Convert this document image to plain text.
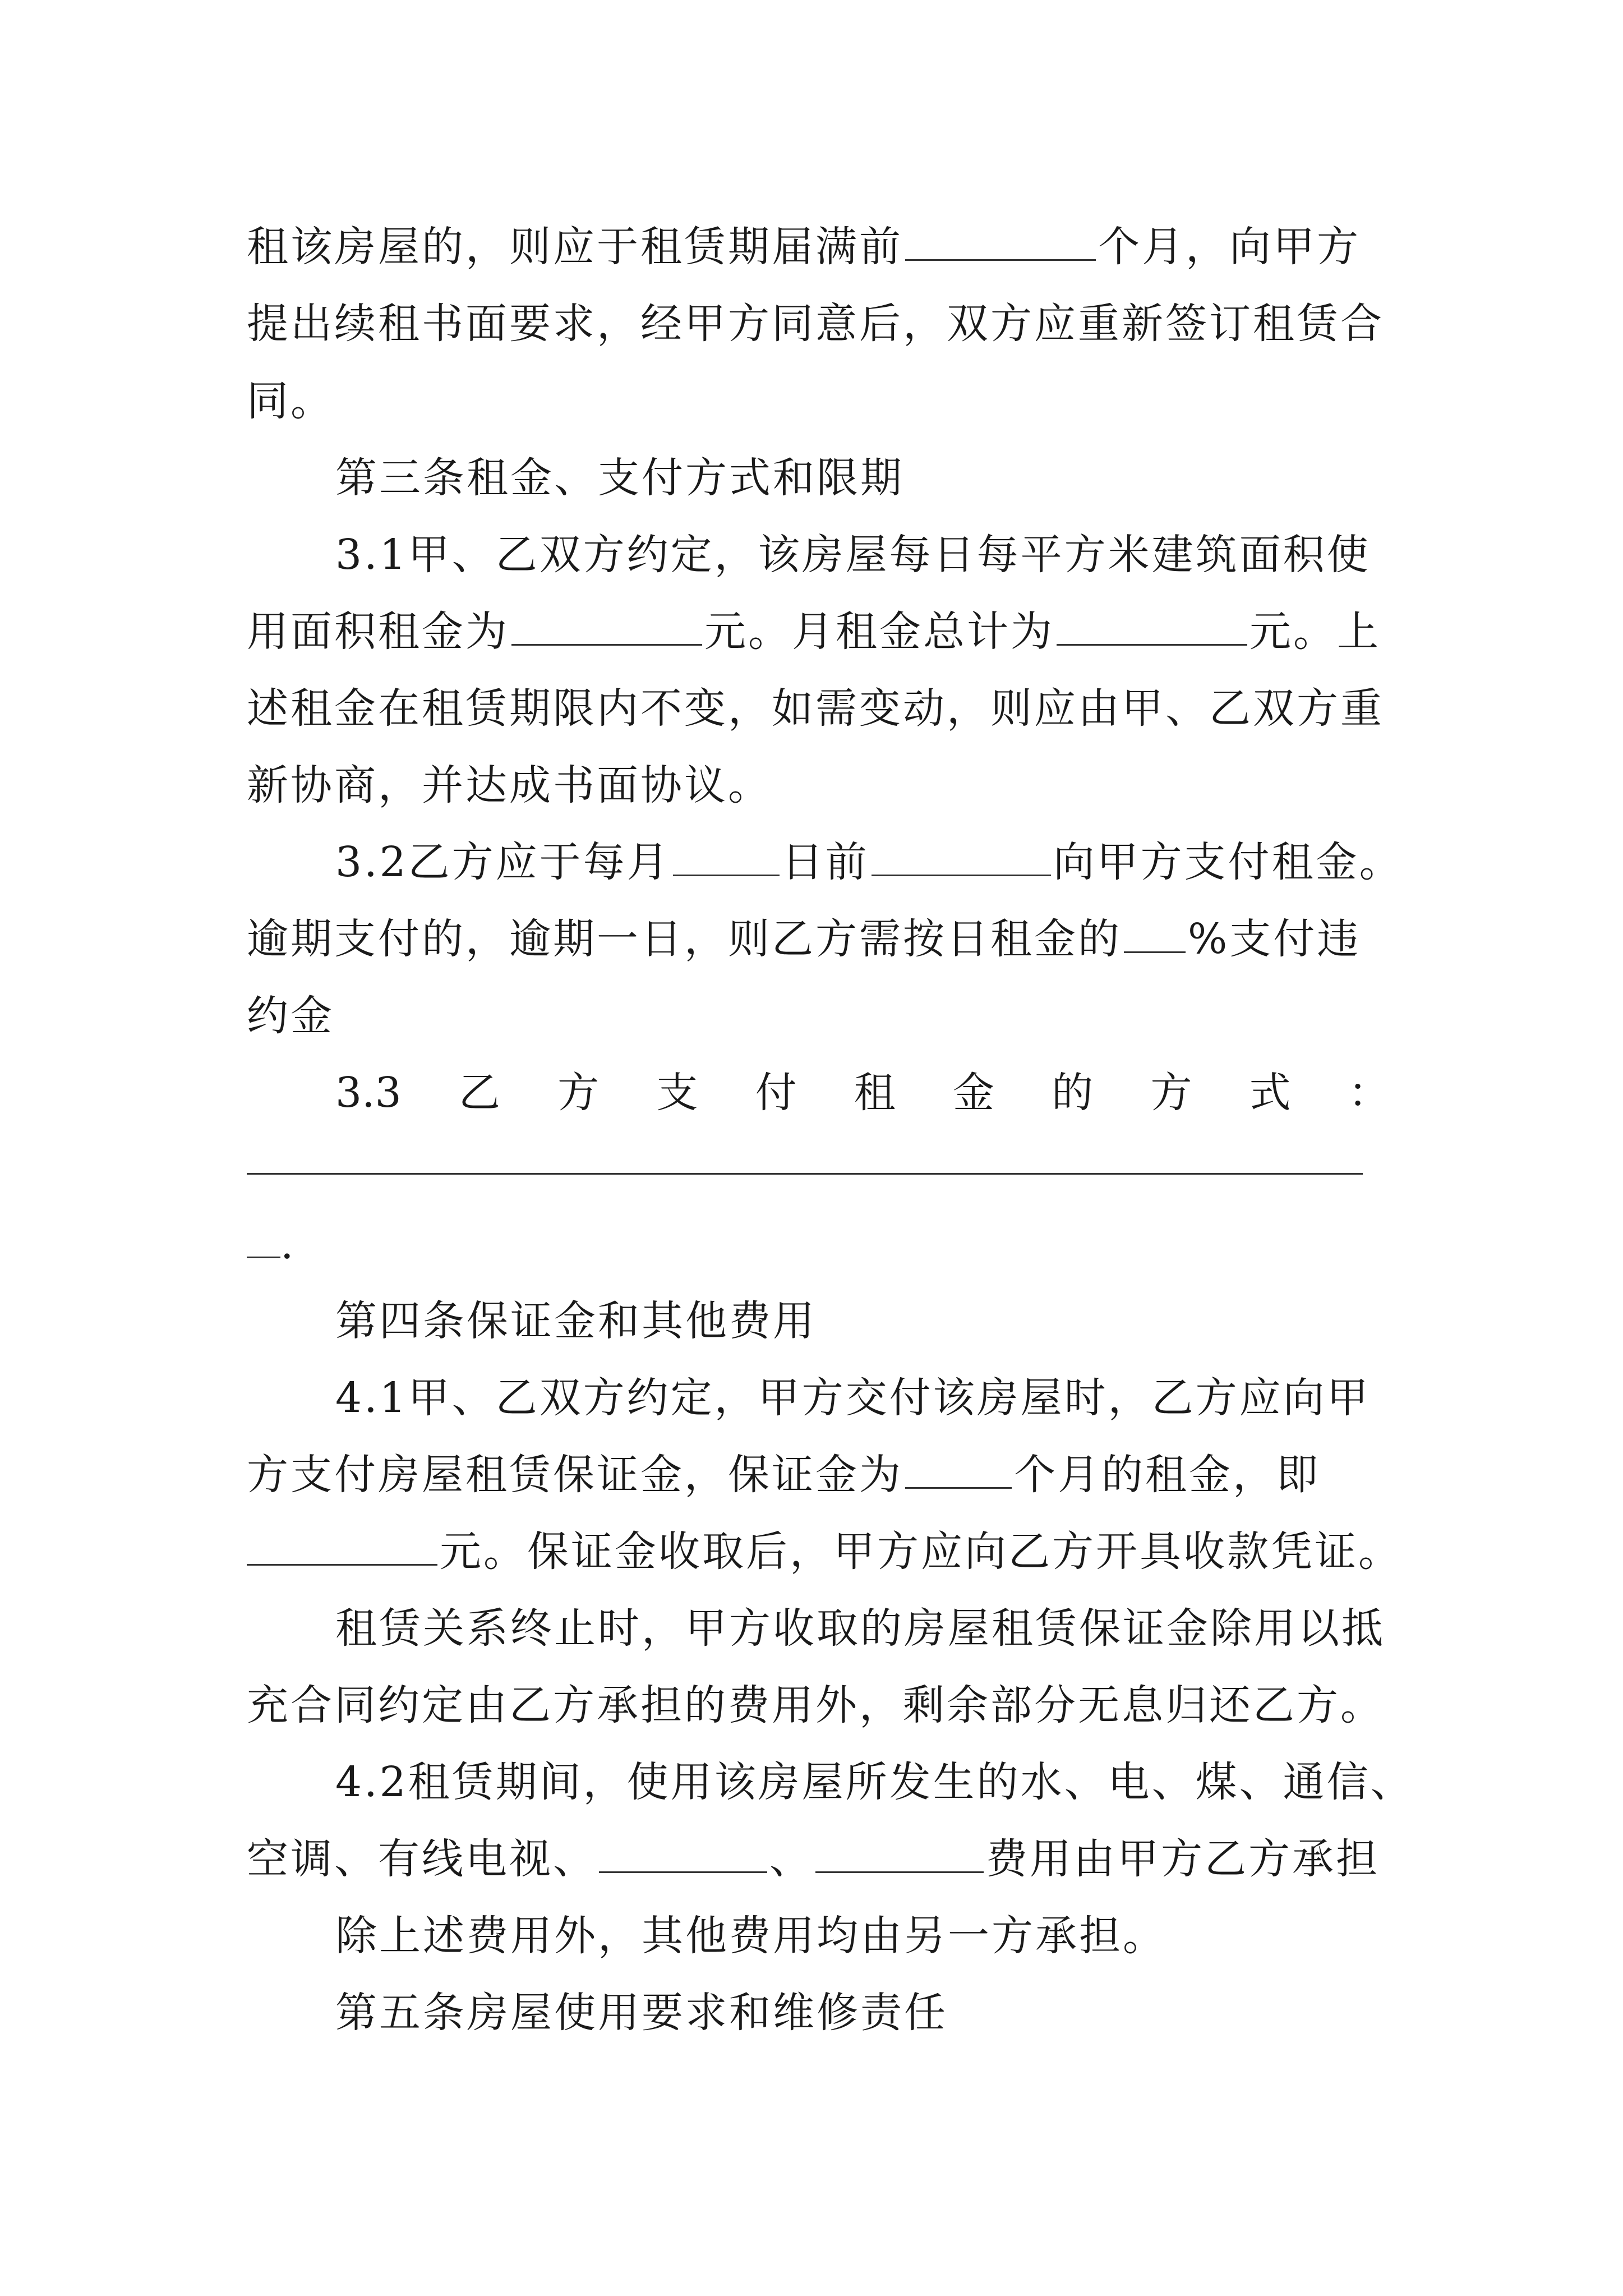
租该房屋的，则应于租赁期届满前	个月，向甲方
提出续租书面要求，经甲方同意后，双方应重新签订租赁合
同。
第三条租金、支付方式和限期
3.1甲、乙双方约定，该房屋每日每平方米建筑面积使
用面积租金为	元。月租金总计为	元。上
述租金在租赁期限内不变，如需变动，则应由甲、乙双方重
新协商，并达成书面协议。
3.2乙方应于每月	日前	向甲方支付租金。
逾期支付的，逾期一日，则乙方需按日租金的 %支付违
约金
3.3 乙 方 支 付 租 金 的 方 式 ：
.
第四条保证金和其他费用
4.1甲、乙双方约定，甲方交付该房屋时，乙方应向甲
方支付房屋租赁保证金，保证金为	个月的租金，即
元。保证金收取后，甲方应向乙方开具收款凭证。
租赁关系终止时，甲方收取的房屋租赁保证金除用以抵
充合同约定由乙方承担的费用外，剩余部分无息归还乙方。
4.2租赁期间，使用该房屋所发生的水、电、煤、通信、
空调、有线电视、	、	费用由甲方乙方承担
除上述费用外，其他费用均由另一方承担。
第五条房屋使用要求和维修责任
